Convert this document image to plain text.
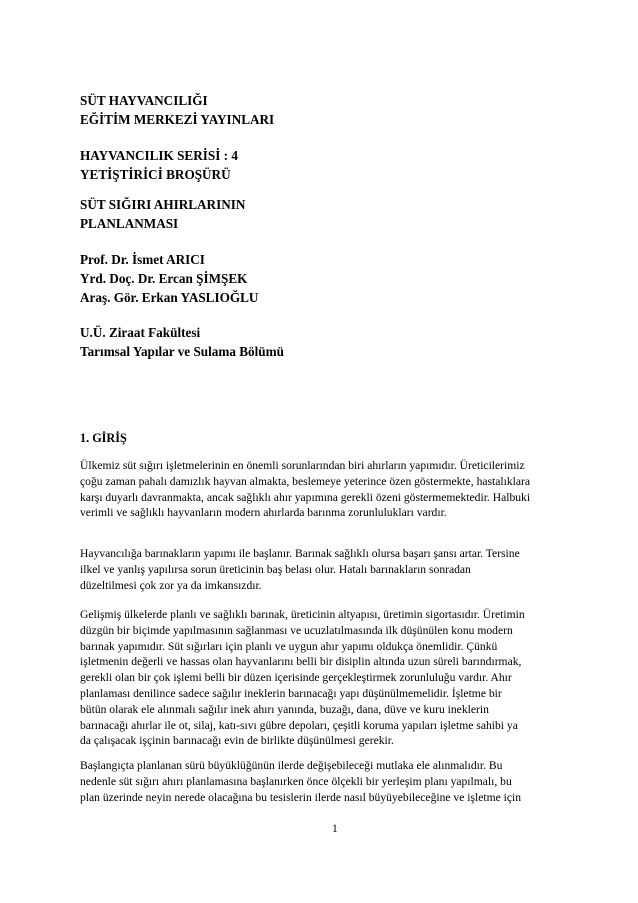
SÜT HAYVANCILIĞI
EĞİTİM MERKEZİ YAYINLARI
HAYVANCILIK SERİSİ : 4
YETİŞTİRİCİ BROŞÜRÜ
SÜT SIĞIRI AHIRLARININ
PLANLANMASI
Prof. Dr. İsmet ARICI
Yrd. Doç. Dr. Ercan ŞİMŞEK
Araş. Gör. Erkan YASLIOĞLU
U.Ü. Ziraat Fakültesi
Tarımsal Yapılar ve Sulama Bölümü
1. GİRİŞ
Ülkemiz süt sığırı işletmelerinin en önemli sorunlarından biri ahırların yapımıdır. Üreticilerimiz
çoğu zaman pahalı damızlık hayvan almakta, beslemeye yeterince özen göstermekte, hastalıklara
karşı duyarlı davranmakta, ancak sağlıklı ahır yapımına gerekli özeni göstermemektedir. Halbuki
verimli ve sağlıklı hayvanların modern ahırlarda barınma zorunlulukları vardır.
Hayvancılığa barınakların yapımı ile başlanır. Barınak sağlıklı olursa başarı şansı artar. Tersine
ilkel ve yanlış yapılırsa sorun üreticinin baş belası olur. Hatalı barınakların sonradan
düzeltilmesi çok zor ya da imkansızdır.
Gelişmiş ülkelerde planlı ve sağlıklı barınak, üreticinin altyapısı, üretimin sigortasıdır. Üretimin
düzgün bir biçimde yapılmasının sağlanması ve ucuzlatılmasında ilk düşünülen konu modern
barınak yapımıdır. Süt sığırları için planlı ve uygun ahır yapımı oldukça önemlidir. Çünkü
işletmenin değerli ve hassas olan hayvanlarını belli bir disiplin altında uzun süreli barındırmak,
gerekli olan bir çok işlemi belli bir düzen içerisinde gerçekleştirmek zorunluluğu vardır. Ahır
planlaması denilince sadece sağılır ineklerin barınacağı yapı düşünülmemelidir. İşletme bir
bütün olarak ele alınmalı sağılır inek ahırı yanında, buzağı, dana, düve ve kuru ineklerin
barınacağı ahırlar ile ot, silaj, katı-sıvı gübre depoları, çeşitli koruma yapıları işletme sahibi ya
da çalışacak işçinin barınacağı evin de birlikte düşünülmesi gerekir.
Başlangıçta planlanan sürü büyüklüğünün ilerde değişebileceği mutlaka ele alınmalıdır. Bu
nedenle süt sığırı ahırı planlamasına başlanırken önce ölçekli bir yerleşim planı yapılmalı, bu
plan üzerinde neyin nerede olacağına bu tesislerin ilerde nasıl büyüyebileceğine ve işletme için
1
